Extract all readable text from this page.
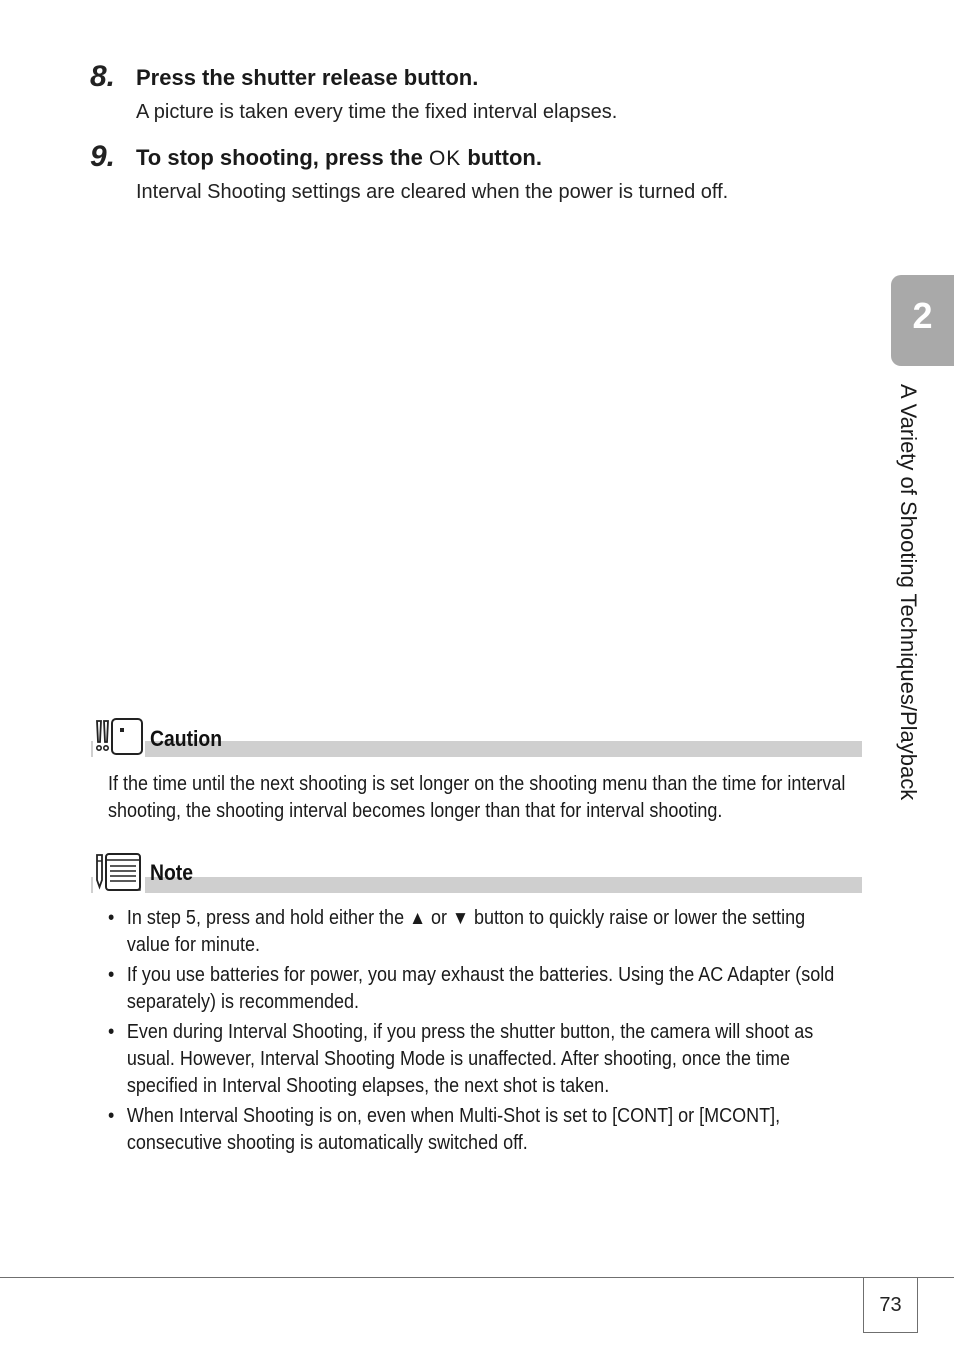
8. Press the shutter release button.
A picture is taken every time the fixed interval elapses.
9. To stop shooting, press the OK button.
Interval Shooting settings are cleared when the power is turned off.
2
A Variety of Shooting Techniques/Playback
Caution
If the time until the next shooting is set longer on the shooting menu than the time for interval
shooting, the shooting interval becomes longer than that for interval shooting.
Note
• In step 5, press and hold either the ▲ or ▼ button to quickly raise or lower the setting
value for minute.
• If you use batteries for power, you may exhaust the batteries. Using the AC Adapter (sold
separately) is recommended.
• Even during Interval Shooting, if you press the shutter button, the camera will shoot as
usual. However, Interval Shooting Mode is unaffected. After shooting, once the time
specified in Interval Shooting elapses, the next shot is taken.
• When Interval Shooting is on, even when Multi-Shot is set to [CONT] or [MCONT],
consecutive shooting is automatically switched off.
73
